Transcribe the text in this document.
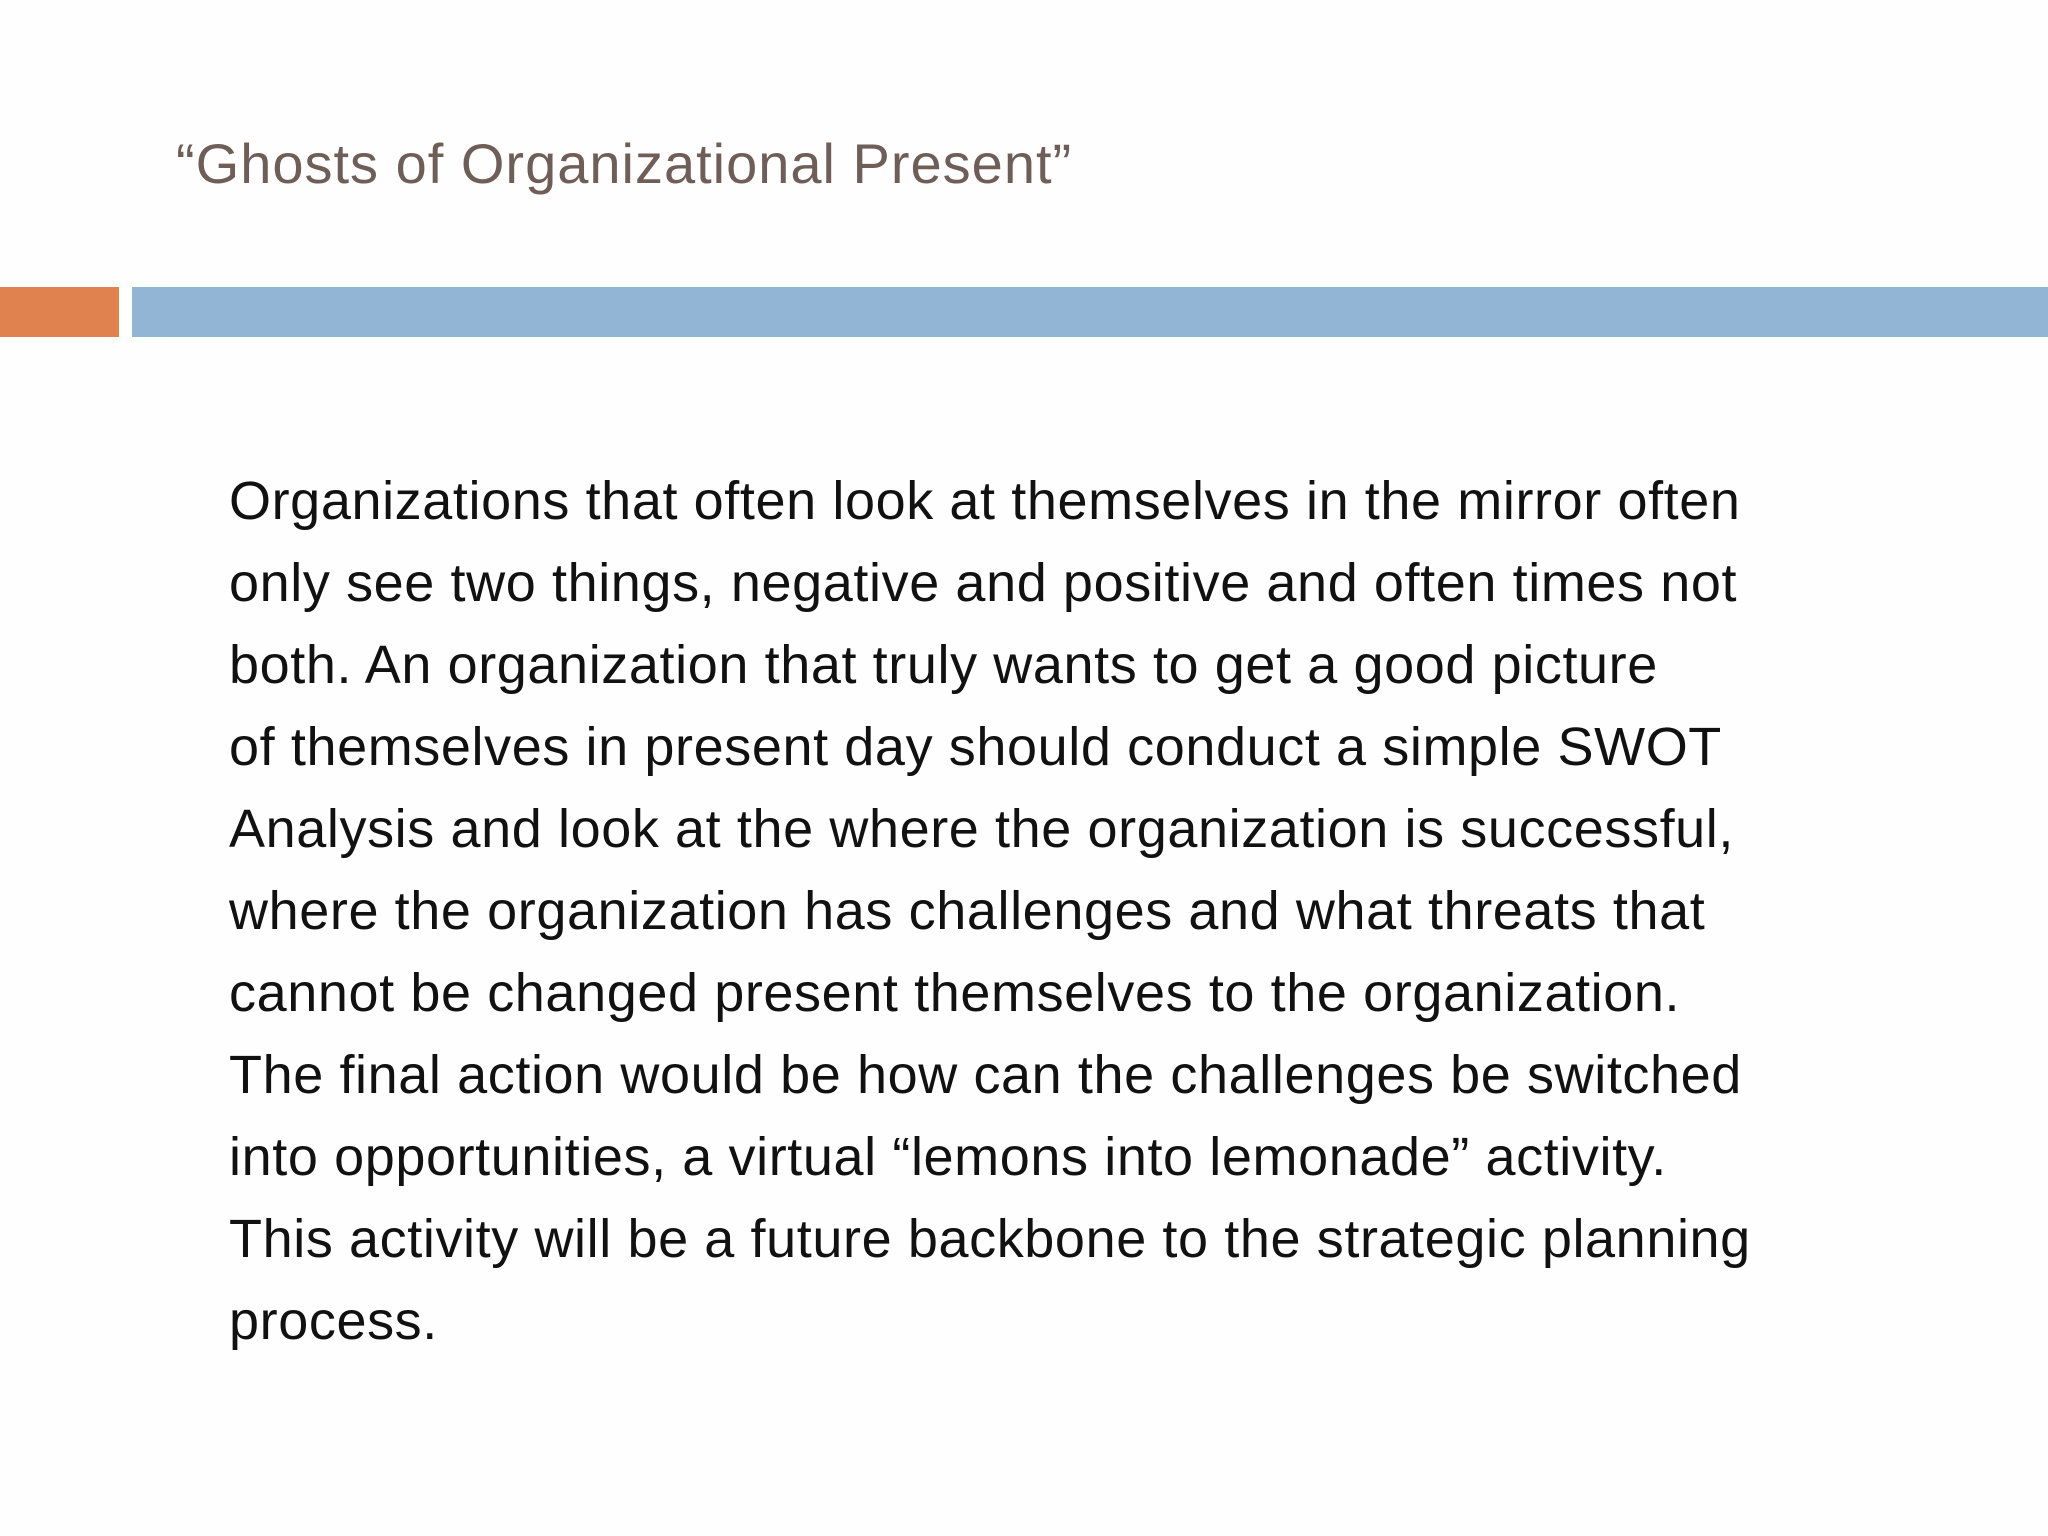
“Ghosts of Organizational Present”
Organizations that often look at themselves in the mirror often
only see two things, negative and positive and often times not
both. An organization that truly wants to get a good picture
of themselves in present day should conduct a simple SWOT
Analysis and look at the where the organization is successful,
where the organization has challenges and what threats that
cannot be changed present themselves to the organization.
The final action would be how can the challenges be switched
into opportunities, a virtual “lemons into lemonade” activity.
This activity will be a future backbone to the strategic planning
process.
